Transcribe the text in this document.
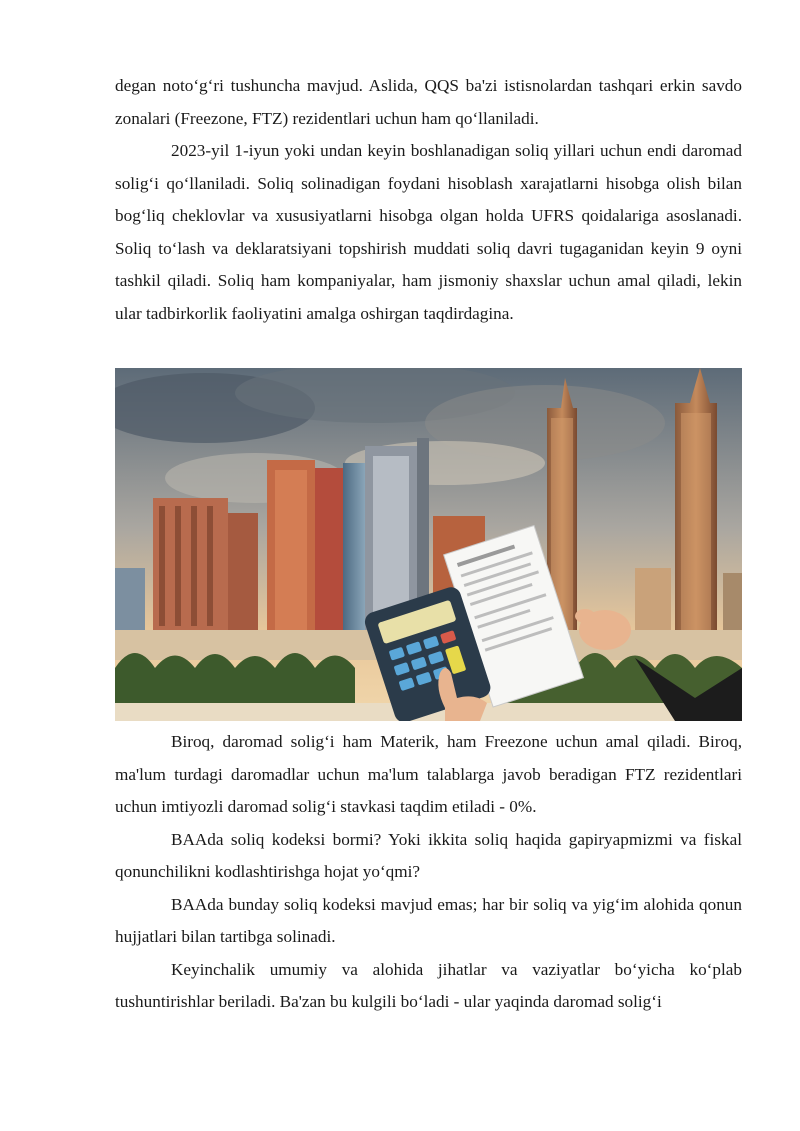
degan noto‘g‘ri tushuncha mavjud. Aslida, QQS ba'zi istisnolardan tashqari erkin savdo zonalari (Freezone, FTZ) rezidentlari uchun ham qo‘llaniladi.

2023-yil 1-iyun yoki undan keyin boshlanadigan soliq yillari uchun endi daromad solig‘i qo‘llaniladi. Soliq solinadigan foydani hisoblash xarajatlarni hisobga olish bilan bog‘liq cheklovlar va xususiyatlarni hisobga olgan holda UFRS qoidalariga asoslanadi. Soliq to‘lash va deklaratsiyani topshirish muddati soliq davri tugaganidan keyin 9 oyni tashkil qiladi. Soliq ham kompaniyalar, ham jismoniy shaxslar uchun amal qiladi, lekin ular tadbirkorlik faoliyatini amalga oshirgan taqdirdagina.

Biroq, daromad solig‘i ham Materik, ham Freezone uchun amal qiladi. Biroq, ma'lum turdagi daromadlar uchun ma'lum talablarga javob beradigan FTZ rezidentlari uchun imtiyozli daromad solig‘i stavkasi taqdim etiladi - 0%.

BAAda soliq kodeksi bormi? Yoki ikkita soliq haqida gapiryapmizmi va fiskal qonunchilikni kodlashtirishga hojat yo‘qmi?

BAAda bunday soliq kodeksi mavjud emas; har bir soliq va yig‘im alohida qonun hujjatlari bilan tartibga solinadi.

Keyinchalik umumiy va alohida jihatlar va vaziyatlar bo‘yicha ko‘plab tushuntirishlar beriladi. Ba'zan bu kulgili bo‘ladi - ular yaqinda daromad solig‘i
